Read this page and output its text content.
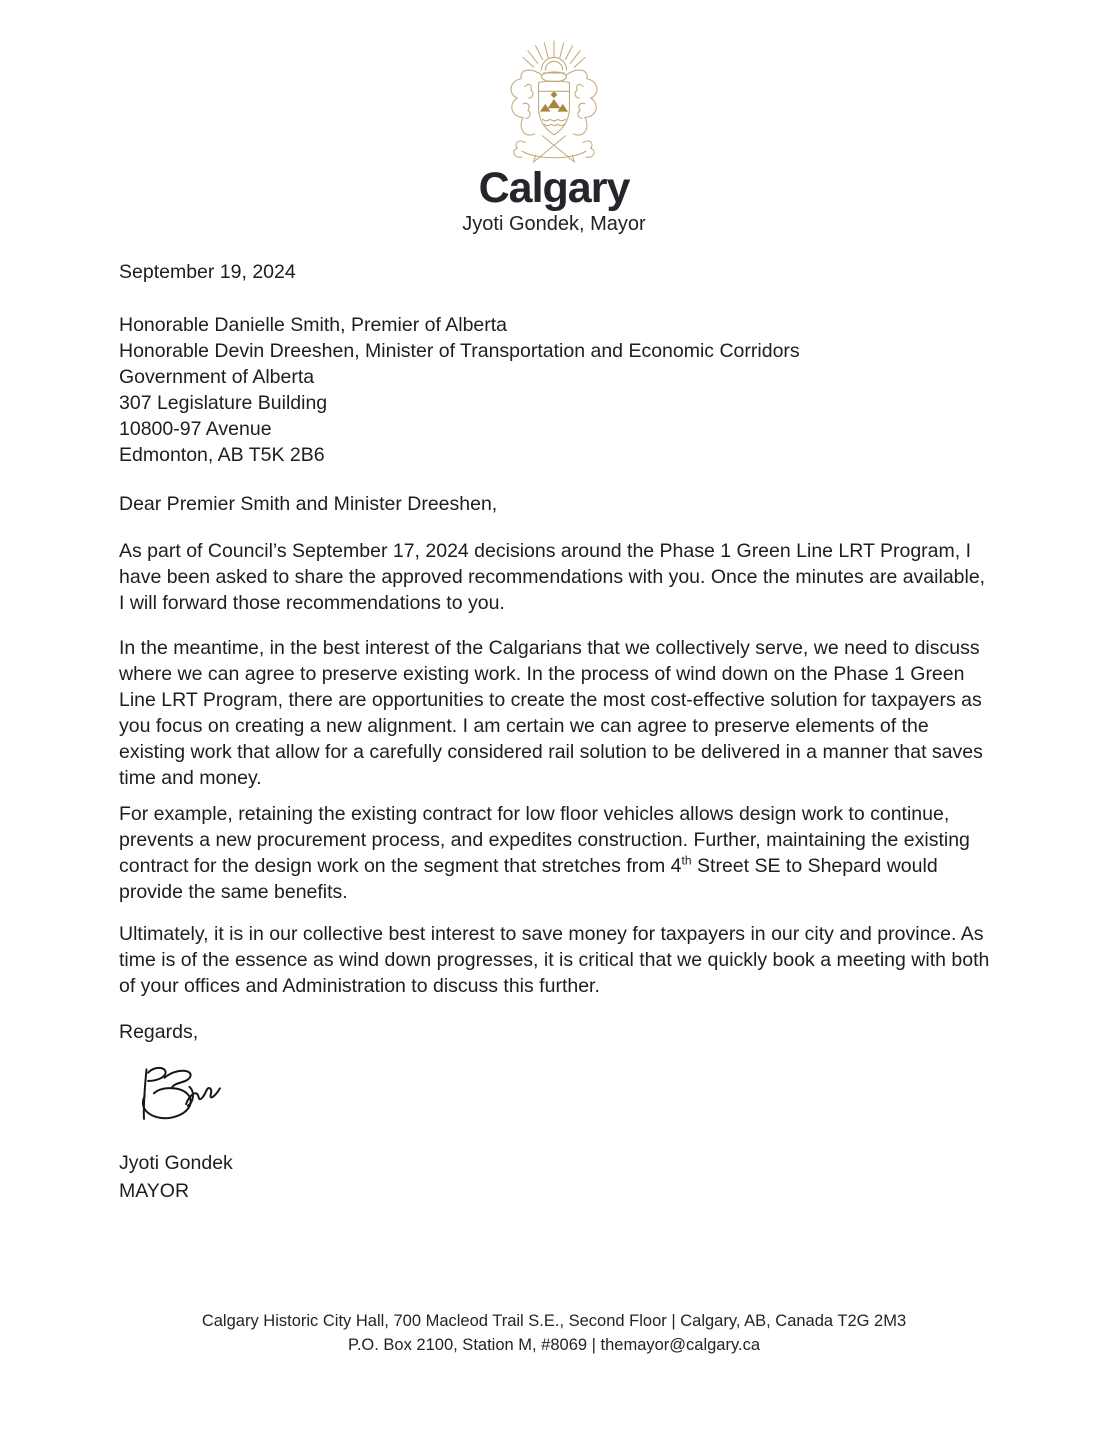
Calgary
Jyoti Gondek, Mayor
September 19, 2024
Honorable Danielle Smith, Premier of Alberta
Honorable Devin Dreeshen, Minister of Transportation and Economic Corridors
Government of Alberta
307 Legislature Building
10800-97 Avenue
Edmonton, AB T5K 2B6
Dear Premier Smith and Minister Dreeshen,

As part of Council’s September 17, 2024 decisions around the Phase 1 Green Line LRT Program, I have been asked to share the approved recommendations with you. Once the minutes are available, I will forward those recommendations to you.

In the meantime, in the best interest of the Calgarians that we collectively serve, we need to discuss where we can agree to preserve existing work. In the process of wind down on the Phase 1 Green Line LRT Program, there are opportunities to create the most cost-effective solution for taxpayers as you focus on creating a new alignment. I am certain we can agree to preserve elements of the existing work that allow for a carefully considered rail solution to be delivered in a manner that saves time and money.

For example, retaining the existing contract for low floor vehicles allows design work to continue, prevents a new procurement process, and expedites construction. Further, maintaining the existing contract for the design work on the segment that stretches from 4th Street SE to Shepard would provide the same benefits.

Ultimately, it is in our collective best interest to save money for taxpayers in our city and province. As time is of the essence as wind down progresses, it is critical that we quickly book a meeting with both of your offices and Administration to discuss this further.

Regards,
Jyoti Gondek
MAYOR
Calgary Historic City Hall, 700 Macleod Trail S.E., Second Floor | Calgary, AB, Canada T2G 2M3
P.O. Box 2100, Station M, #8069 | themayor@calgary.ca
